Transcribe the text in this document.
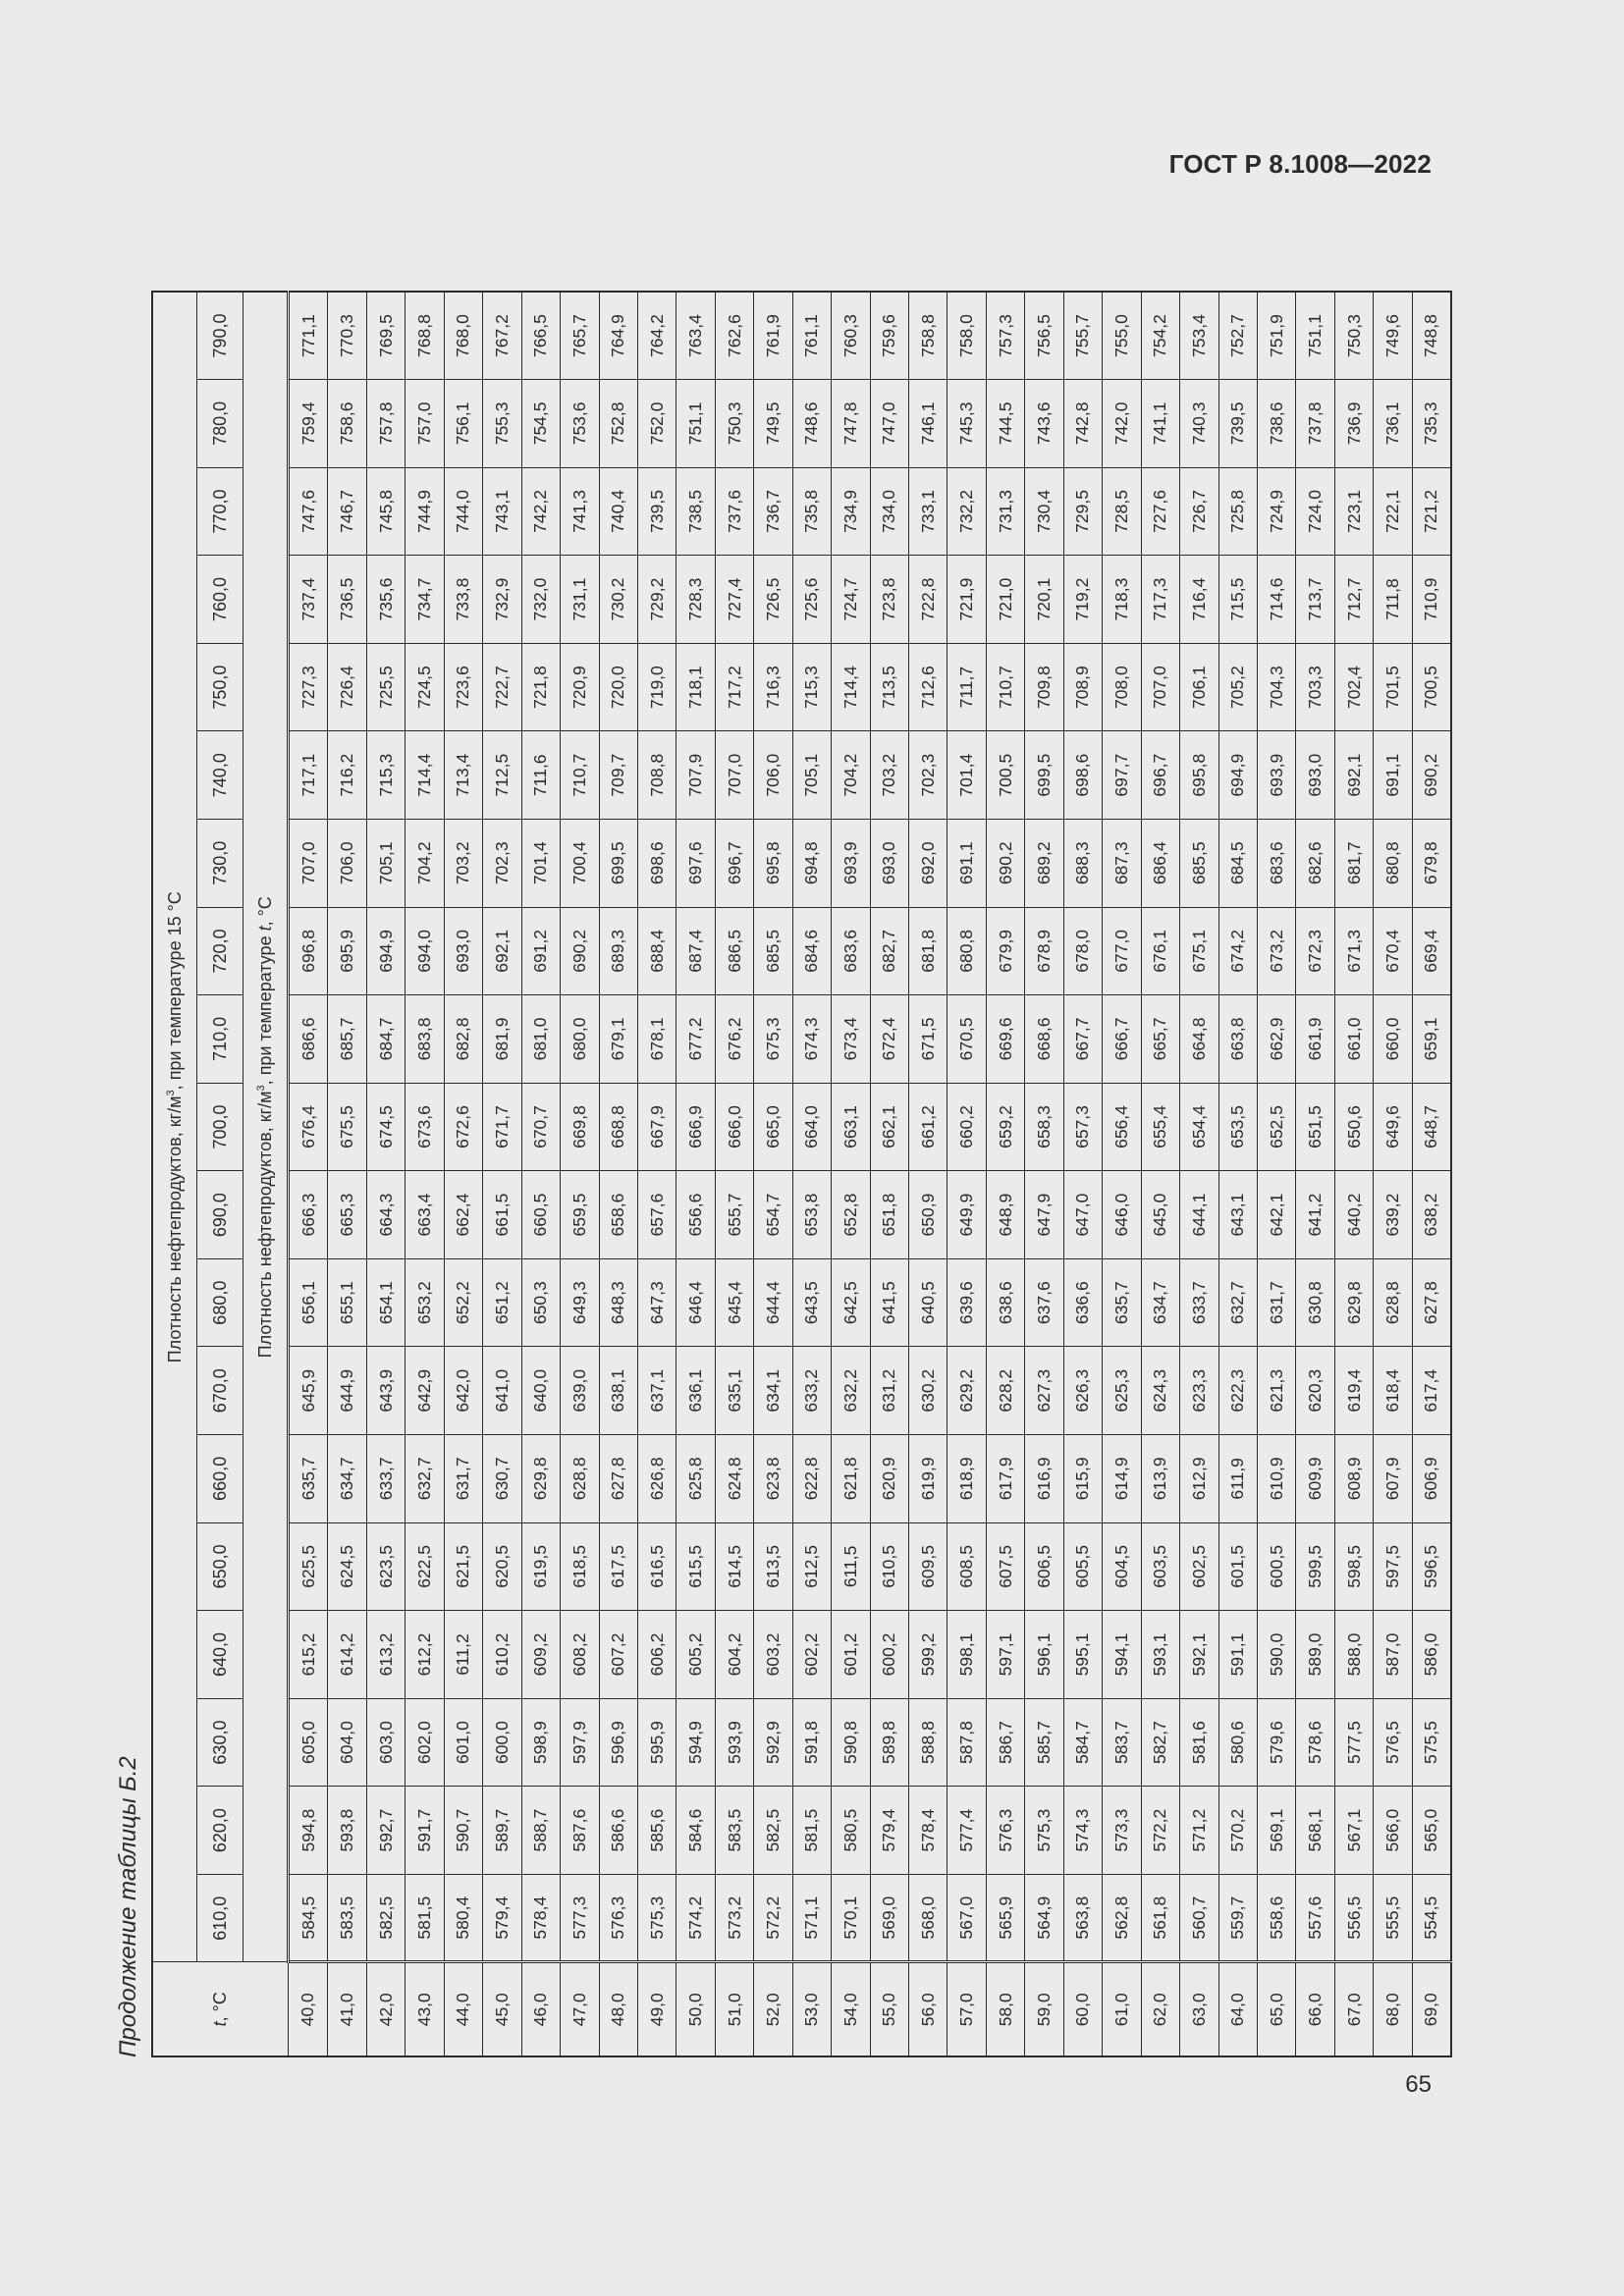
ГОСТ Р 8.1008—2022
Продолжение таблицы Б.2	t, °C	Плотность нефтепродуктов, $кг/м^3$, при температуре 15 °C																		
	610,0	620,0	630,0	640,0	650,0	660,0	670,0	680,0	690,0	700,0	710,0	720,0	730,0	740,0	750,0	760,0	770,0	780,0	790,0
	Плотность нефтепродуктов, $кг/м^3$, при температуре t, °C																		
40,0	584,5	594,8	605,0	615,2	625,5	635,7	645,9	656,1	666,3	676,4	686,6	696,8	707,0	717,1	727,3	737,4	747,6	759,4	771,1
41,0	583,5	593,8	604,0	614,2	624,5	634,7	644,9	655,1	665,3	675,5	685,7	695,9	706,0	716,2	726,4	736,5	746,7	758,6	770,3
42,0	582,5	592,7	603,0	613,2	623,5	633,7	643,9	654,1	664,3	674,5	684,7	694,9	705,1	715,3	725,5	735,6	745,8	757,8	769,5
43,0	581,5	591,7	602,0	612,2	622,5	632,7	642,9	653,2	663,4	673,6	683,8	694,0	704,2	714,4	724,5	734,7	744,9	757,0	768,8
44,0	580,4	590,7	601,0	611,2	621,5	631,7	642,0	652,2	662,4	672,6	682,8	693,0	703,2	713,4	723,6	733,8	744,0	756,1	768,0
45,0	579,4	589,7	600,0	610,2	620,5	630,7	641,0	651,2	661,5	671,7	681,9	692,1	702,3	712,5	722,7	732,9	743,1	755,3	767,2
46,0	578,4	588,7	598,9	609,2	619,5	629,8	640,0	650,3	660,5	670,7	681,0	691,2	701,4	711,6	721,8	732,0	742,2	754,5	766,5
47,0	577,3	587,6	597,9	608,2	618,5	628,8	639,0	649,3	659,5	669,8	680,0	690,2	700,4	710,7	720,9	731,1	741,3	753,6	765,7
48,0	576,3	586,6	596,9	607,2	617,5	627,8	638,1	648,3	658,6	668,8	679,1	689,3	699,5	709,7	720,0	730,2	740,4	752,8	764,9
49,0	575,3	585,6	595,9	606,2	616,5	626,8	637,1	647,3	657,6	667,9	678,1	688,4	698,6	708,8	719,0	729,2	739,5	752,0	764,2
50,0	574,2	584,6	594,9	605,2	615,5	625,8	636,1	646,4	656,6	666,9	677,2	687,4	697,6	707,9	718,1	728,3	738,5	751,1	763,4
51,0	573,2	583,5	593,9	604,2	614,5	624,8	635,1	645,4	655,7	666,0	676,2	686,5	696,7	707,0	717,2	727,4	737,6	750,3	762,6
52,0	572,2	582,5	592,9	603,2	613,5	623,8	634,1	644,4	654,7	665,0	675,3	685,5	695,8	706,0	716,3	726,5	736,7	749,5	761,9
53,0	571,1	581,5	591,8	602,2	612,5	622,8	633,2	643,5	653,8	664,0	674,3	684,6	694,8	705,1	715,3	725,6	735,8	748,6	761,1
54,0	570,1	580,5	590,8	601,2	611,5	621,8	632,2	642,5	652,8	663,1	673,4	683,6	693,9	704,2	714,4	724,7	734,9	747,8	760,3
55,0	569,0	579,4	589,8	600,2	610,5	620,9	631,2	641,5	651,8	662,1	672,4	682,7	693,0	703,2	713,5	723,8	734,0	747,0	759,6
56,0	568,0	578,4	588,8	599,2	609,5	619,9	630,2	640,5	650,9	661,2	671,5	681,8	692,0	702,3	712,6	722,8	733,1	746,1	758,8
57,0	567,0	577,4	587,8	598,1	608,5	618,9	629,2	639,6	649,9	660,2	670,5	680,8	691,1	701,4	711,7	721,9	732,2	745,3	758,0
58,0	565,9	576,3	586,7	597,1	607,5	617,9	628,2	638,6	648,9	659,2	669,6	679,9	690,2	700,5	710,7	721,0	731,3	744,5	757,3
59,0	564,9	575,3	585,7	596,1	606,5	616,9	627,3	637,6	647,9	658,3	668,6	678,9	689,2	699,5	709,8	720,1	730,4	743,6	756,5
60,0	563,8	574,3	584,7	595,1	605,5	615,9	626,3	636,6	647,0	657,3	667,7	678,0	688,3	698,6	708,9	719,2	729,5	742,8	755,7
61,0	562,8	573,3	583,7	594,1	604,5	614,9	625,3	635,7	646,0	656,4	666,7	677,0	687,3	697,7	708,0	718,3	728,5	742,0	755,0
62,0	561,8	572,2	582,7	593,1	603,5	613,9	624,3	634,7	645,0	655,4	665,7	676,1	686,4	696,7	707,0	717,3	727,6	741,1	754,2
63,0	560,7	571,2	581,6	592,1	602,5	612,9	623,3	633,7	644,1	654,4	664,8	675,1	685,5	695,8	706,1	716,4	726,7	740,3	753,4
64,0	559,7	570,2	580,6	591,1	601,5	611,9	622,3	632,7	643,1	653,5	663,8	674,2	684,5	694,9	705,2	715,5	725,8	739,5	752,7
65,0	558,6	569,1	579,6	590,0	600,5	610,9	621,3	631,7	642,1	652,5	662,9	673,2	683,6	693,9	704,3	714,6	724,9	738,6	751,9
66,0	557,6	568,1	578,6	589,0	599,5	609,9	620,3	630,8	641,2	651,5	661,9	672,3	682,6	693,0	703,3	713,7	724,0	737,8	751,1
67,0	556,5	567,1	577,5	588,0	598,5	608,9	619,4	629,8	640,2	650,6	661,0	671,3	681,7	692,1	702,4	712,7	723,1	736,9	750,3
68,0	555,5	566,0	576,5	587,0	597,5	607,9	618,4	628,8	639,2	649,6	660,0	670,4	680,8	691,1	701,5	711,8	722,1	736,1	749,6
69,0	554,5	565,0	575,5	586,0	596,5	606,9	617,4	627,8	638,2	648,7	659,1	669,4	679,8	690,2	700,5	710,9	721,2	735,3	748,8
65
